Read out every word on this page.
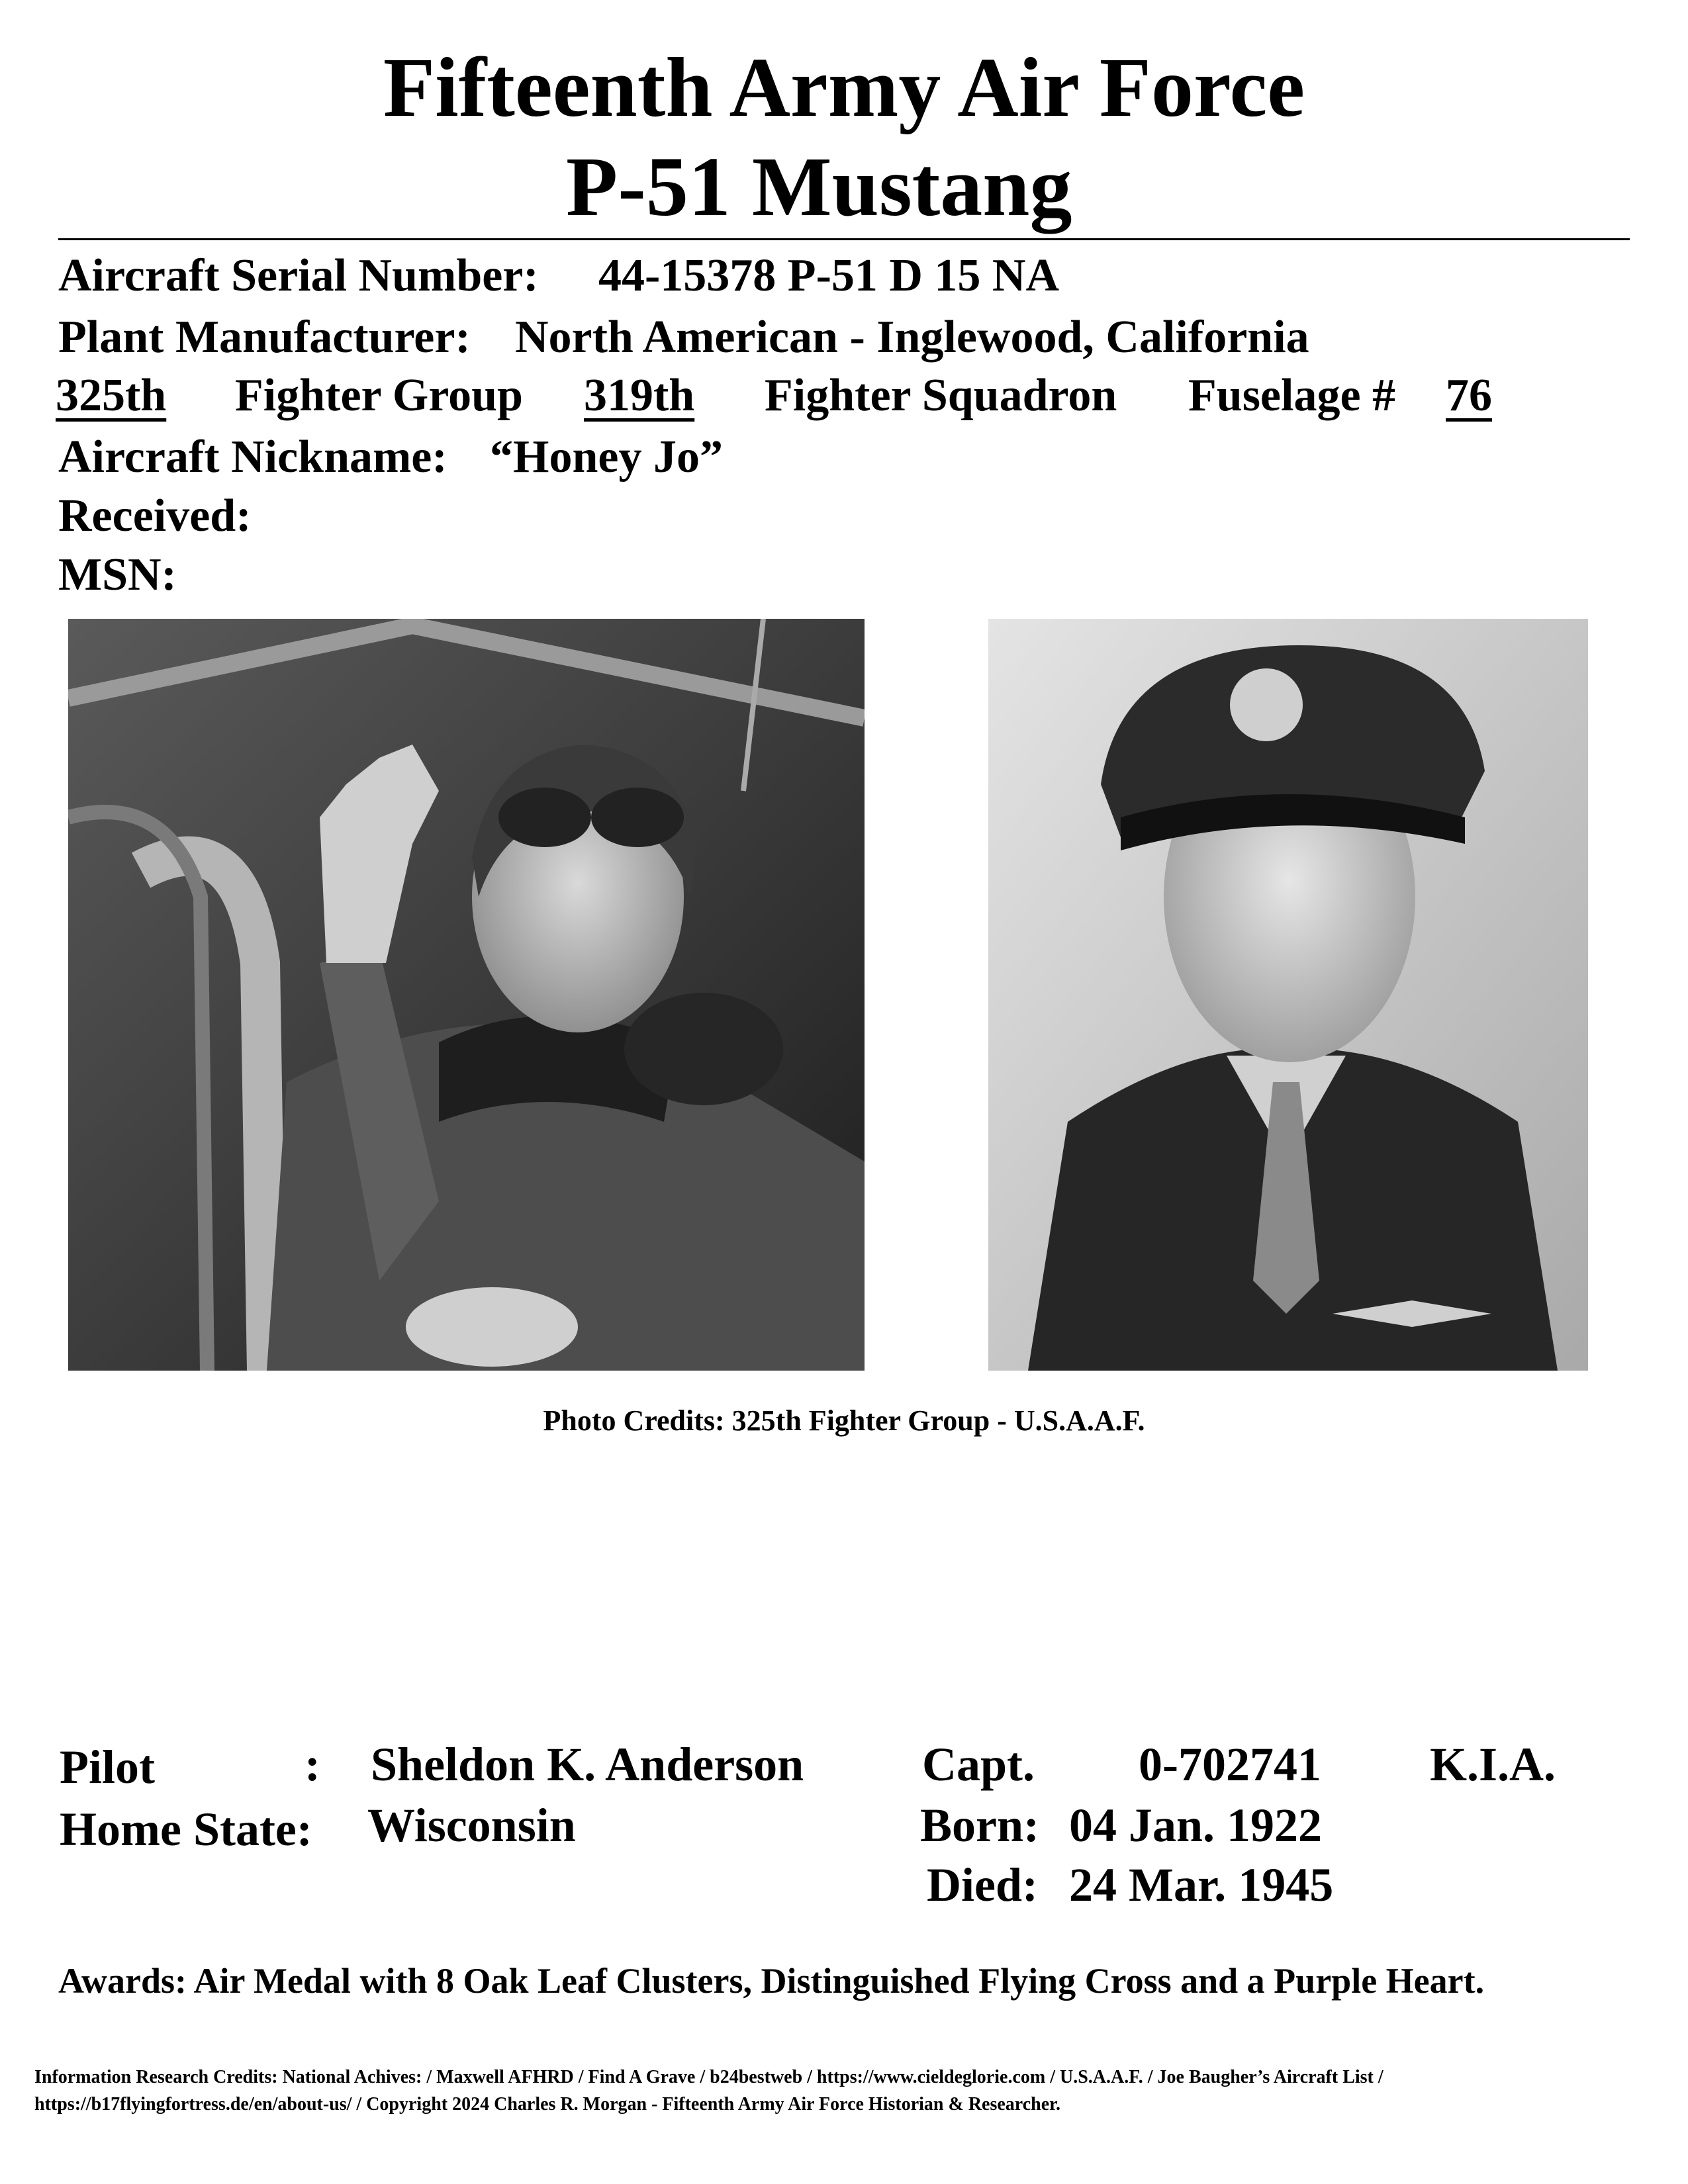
Fifteenth Army Air Force
P-51 Mustang
Aircraft Serial Number: 44-15378 P-51 D 15 NA
Plant Manufacturer: North American - Inglewood, California
325th	Fighter Group 319th	Fighter Squadron Fuselage #	76
Aircraft Nickname: “Honey Jo”
Received:
MSN:
Photo Credits: 325th Fighter Group - U.S.A.A.F.
Pilot	: Sheldon K. Anderson Capt. 0-702741 K.I.A.
Home State: Wisconsin	Born: 04 Jan. 1922
Died: 24 Mar. 1945
Awards: Air Medal with 8 Oak Leaf Clusters, Distinguished Flying Cross and a Purple Heart.
Information Research Credits: National Achives: / Maxwell AFHRD / Find A Grave / b24bestweb / https://www.cieldeglorie.com / U.S.A.A.F. / Joe Baugher’s Aircraft List /
https://b17flyingfortress.de/en/about-us/ / Copyright 2024 Charles R. Morgan - Fifteenth Army Air Force Historian & Researcher.
